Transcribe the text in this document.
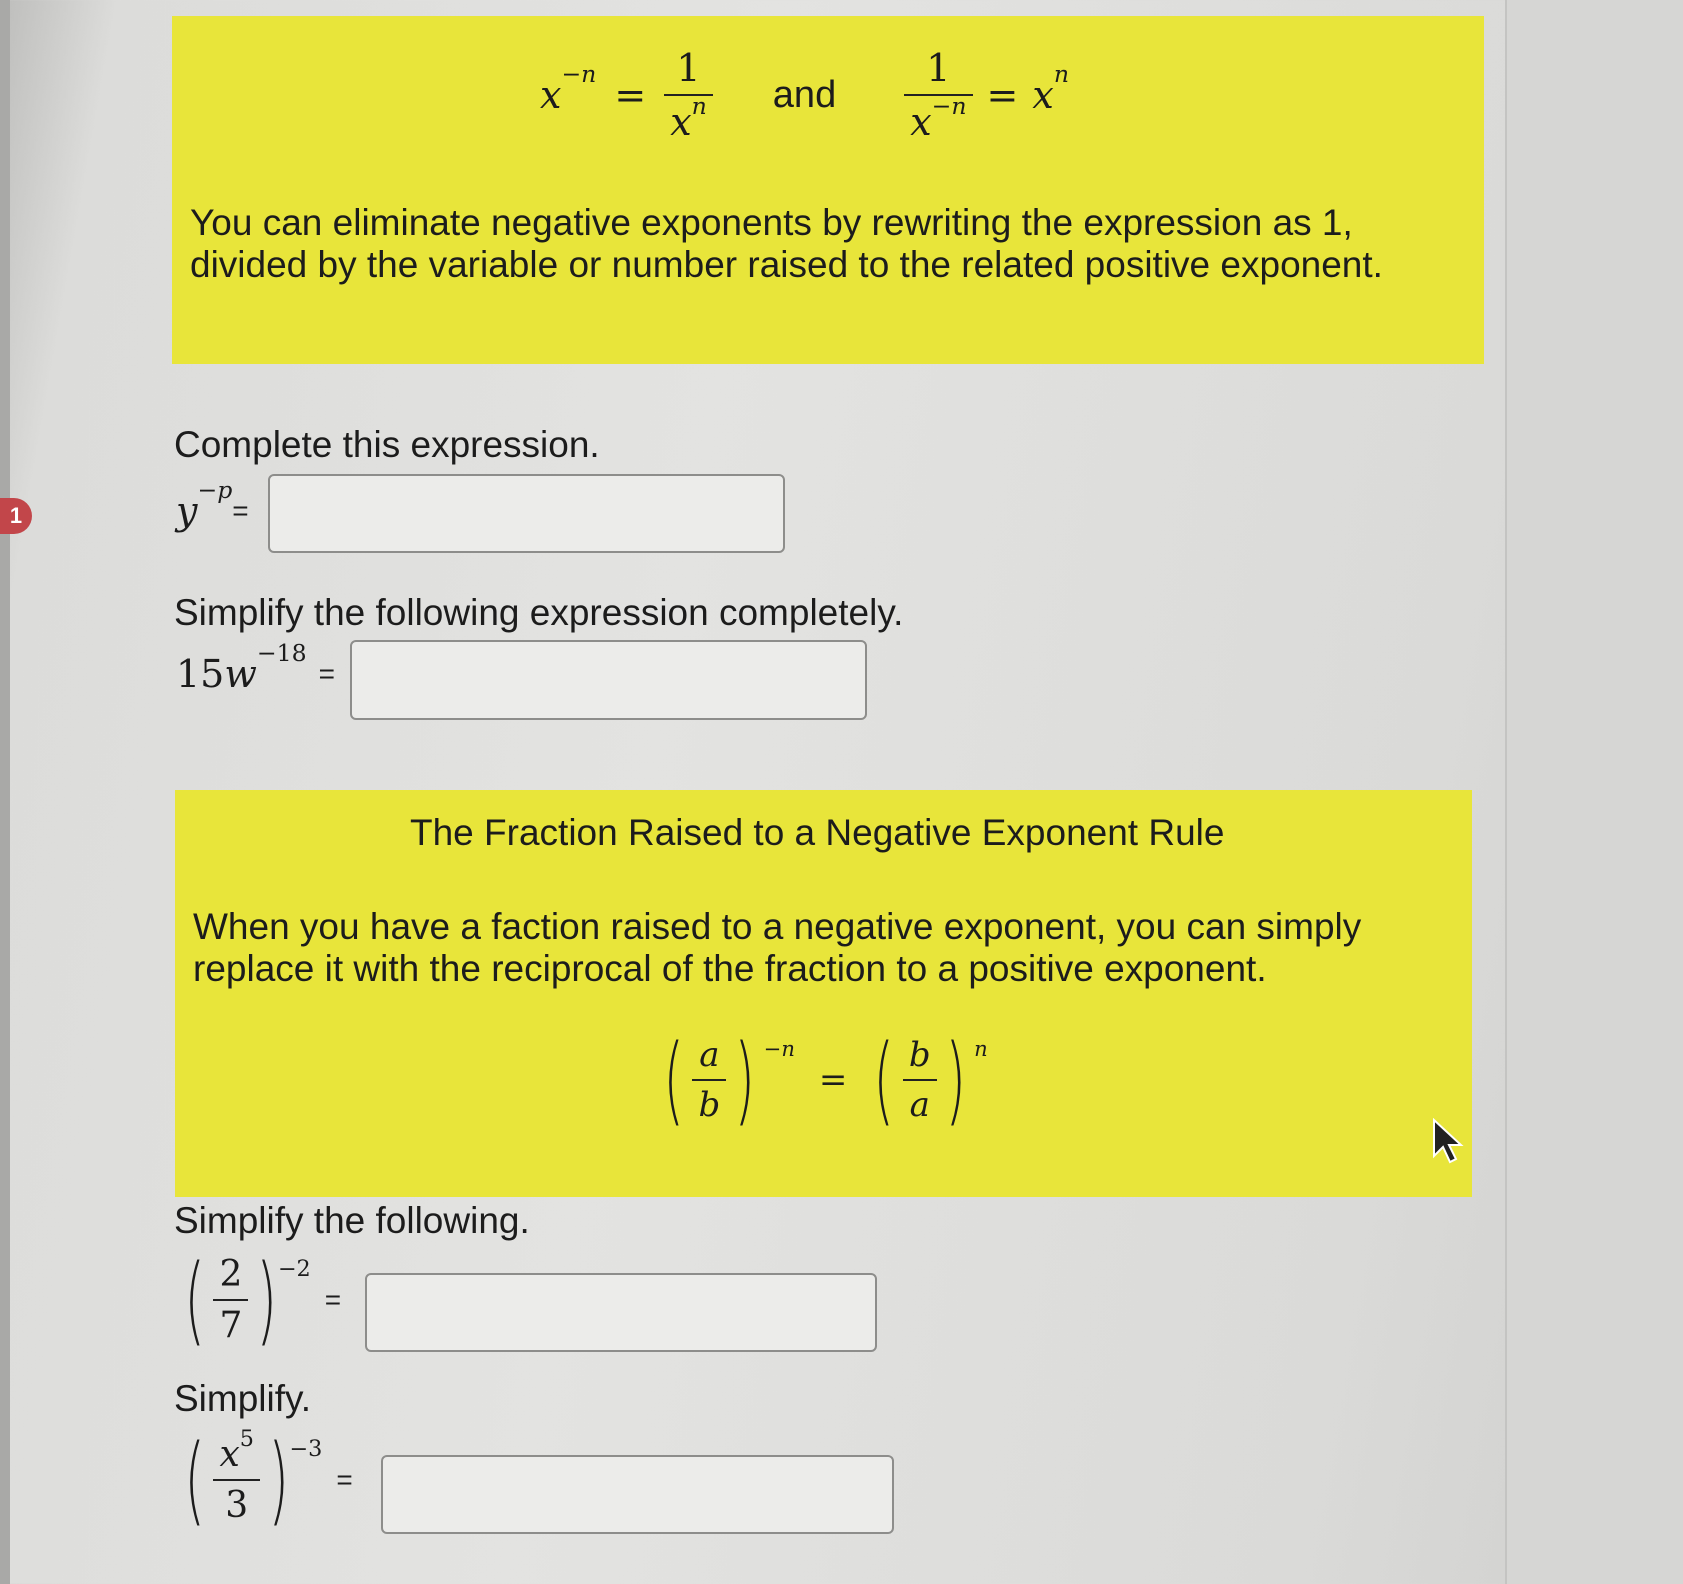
1
$x^{-n} = \frac{1}{x^n}$ and $\frac{1}{x^{-n}} = x^n$
You can eliminate negative exponents by rewriting the expression as 1, divided by the variable or number raised to the related positive exponent.
Complete this expression.
$y^{-p}$
=
Simplify the following expression completely.
15 $w^{-18}$
=
The Fraction Raised to a Negative Exponent Rule
When you have a faction raised to a negative exponent, you can simply replace it with the reciprocal of the fraction to a positive exponent.
( $\frac{a}{b}$ ) $^{-n}$
= ( $\frac{b}{a}$ ) $^n$
Simplify the following.
( $\frac{2}{7} )^{-2}$
=
Simplify.
( $\frac{x^5}{3} )^{-3}$
=
